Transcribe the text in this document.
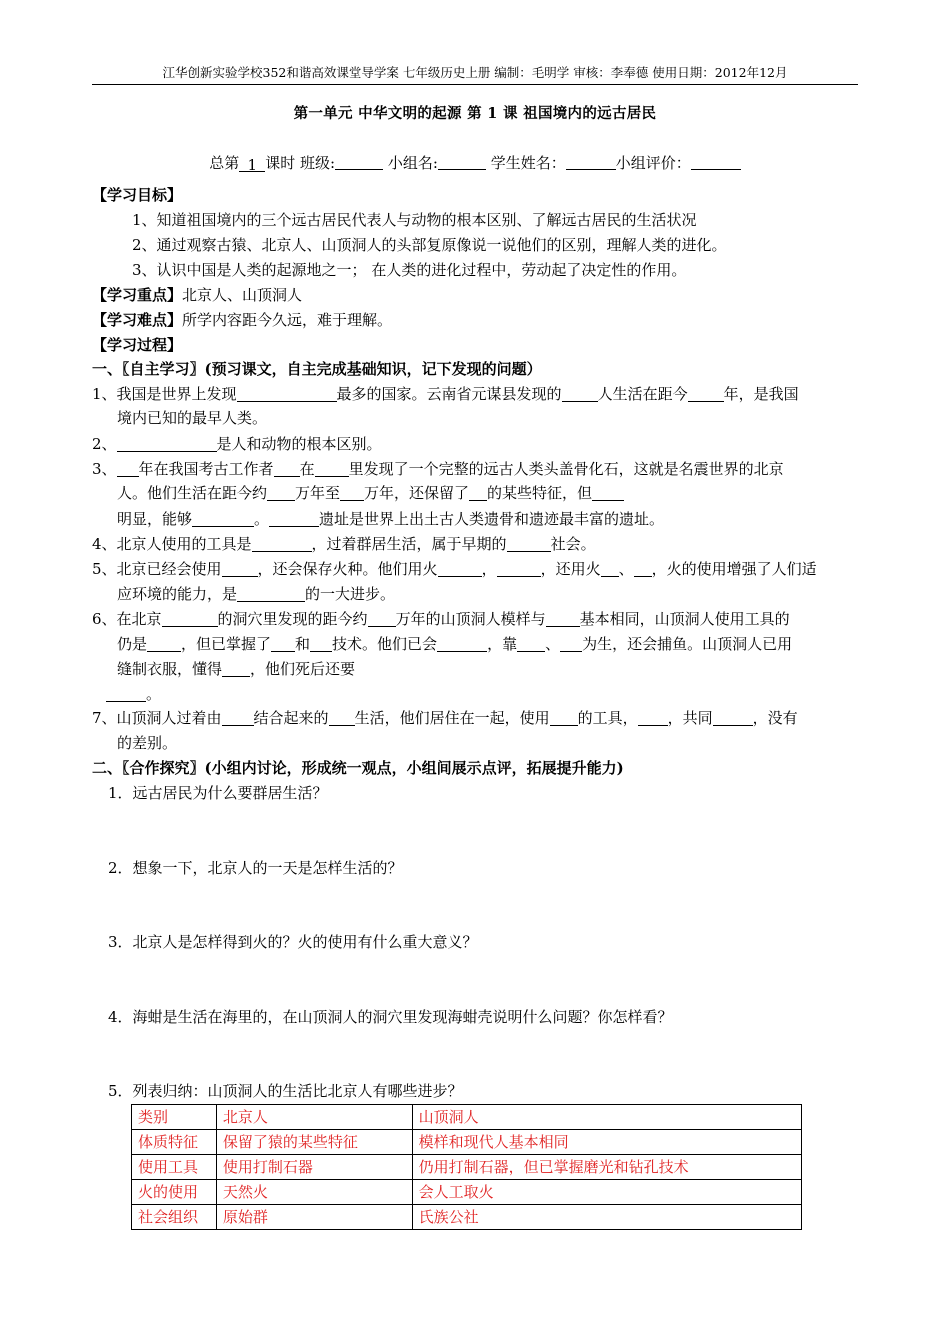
江华创新实验学校352和谐高效课堂导学案 七年级历史上册 编制：毛明学 审核：李奉德 使用日期：2012年12月
第一单元 中华文明的起源 第 1 课 祖国境内的远古居民
总第 1 课时 班级:	小组名:	学生姓名：	小组评价：
【学习目标】
1、知道祖国境内的三个远古居民代表人与动物的根本区别、了解远古居民的生活状况
2、通过观察古猿、北京人、山顶洞人的头部复原像说一说他们的区别，理解人类的进化。
3、认识中国是人类的起源地之一； 在人类的进化过程中，劳动起了决定性的作用。
【学习重点】北京人、山顶洞人
【学习难点】所学内容距今久远，难于理解。
【学习过程】
一、〖自主学习〗(预习课文，自主完成基础知识，记下发现的问题）
1、我国是世界上发现	最多的国家。云南省元谋县发现的 人生活在距今 年，是我国
境内已知的最早人类。
2、	是人和动物的根本区别。
3、 年在我国考古工作者 在 里发现了一个完整的远古人类头盖骨化石，这就是名震世界的北京
人。他们生活在距今约 万年至 万年，还保留了 的某些特征，但
明显，能够	。	遗址是世界上出土古人类遗骨和遗迹最丰富的遗址。
4、北京人使用的工具是	，过着群居生活，属于早期的	社会。
5、北京已经会使用 ，还会保存火种。他们用火	，	，还用火 、 ，火的使用增强了人们适
应环境的能力，是	的一大进步。
6、在北京	的洞穴里发现的距今约 万年的山顶洞人模样与 基本相同，山顶洞人使用工具的
仍是 ，但已掌握了 和 技术。他们已会	，靠 、 为生，还会捕鱼。山顶洞人已用
缝制衣服，懂得 ，他们死后还要
。
7、山顶洞人过着由 结合起来的 生活，他们居住在一起，使用 的工具， ，共同	，没有
的差别。
二、〖合作探究〗(小组内讨论，形成统一观点，小组间展示点评，拓展提升能力)
1．远古居民为什么要群居生活？
2．想象一下，北京人的一天是怎样生活的？
3．北京人是怎样得到火的？火的使用有什么重大意义？
4．海蚶是生活在海里的，在山顶洞人的洞穴里发现海蚶壳说明什么问题？你怎样看？
5．列表归纳：山顶洞人的生活比北京人有哪些进步？
类别	北京人	山顶洞人
体质特征	保留了猿的某些特征	模样和现代人基本相同
使用工具	使用打制石器	仍用打制石器，但已掌握磨光和钻孔技术
火的使用	天然火	会人工取火
社会组织	原始群	氏族公社
